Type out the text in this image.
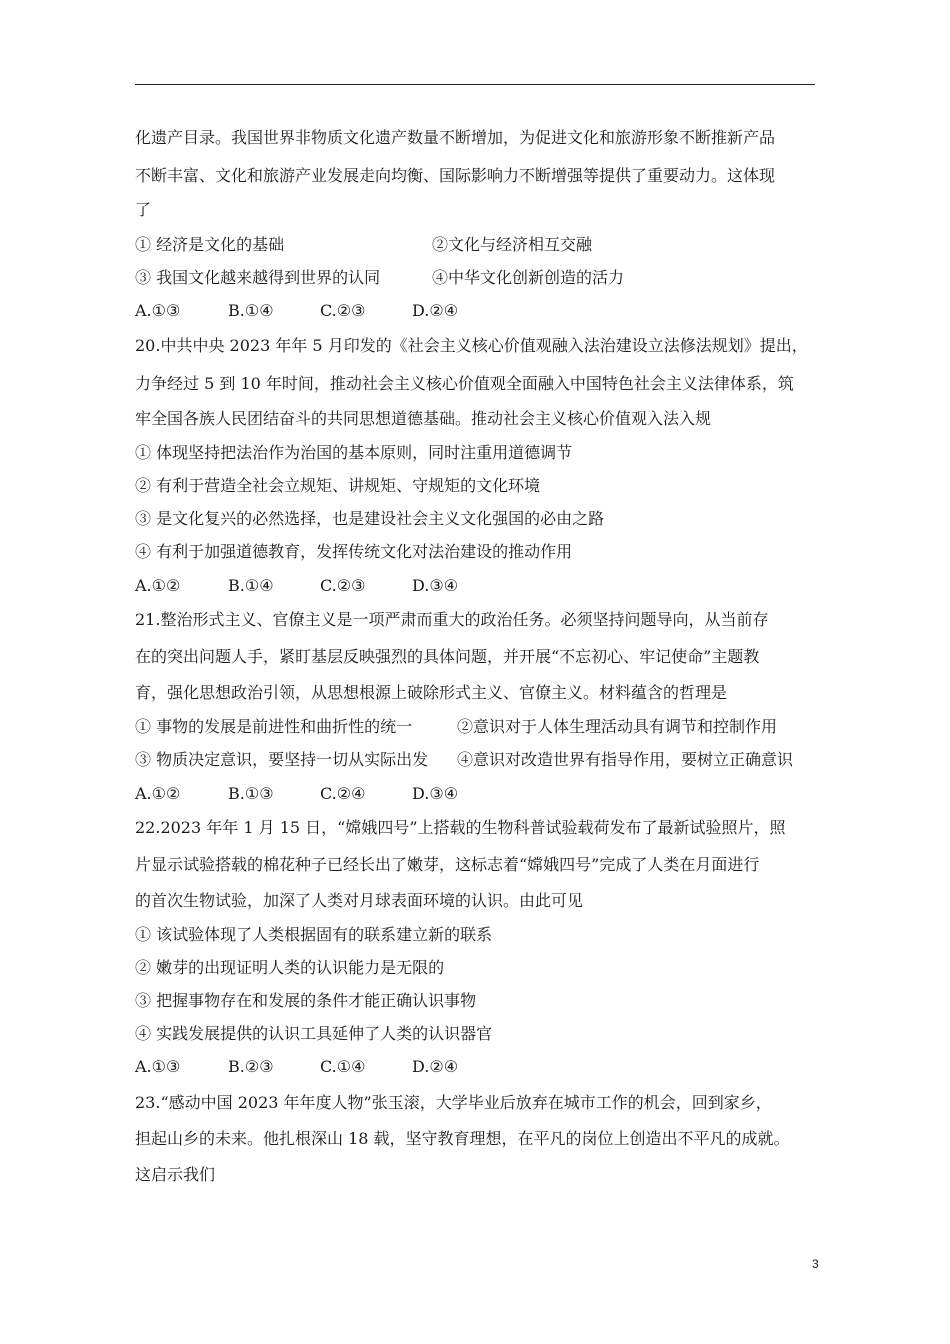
化遗产目录。我国世界非物质文化遗产数量不断增加，为促进文化和旅游形象不断推新产品
不断丰富、文化和旅游产业发展走向均衡、国际影响力不断增强等提供了重要动力。这体现
了
① 经济是文化的基础	②文化与经济相互交融
③ 我国文化越来越得到世界的认同	④中华文化创新创造的活力
A.①③	B.①④	C.②③	D.②④
20.中共中央 2023 年年 5 月印发的《社会主义核心价值观融入法治建设立法修法规划》提出，
力争经过 5 到 10 年时间，推动社会主义核心价值观全面融入中国特色社会主义法律体系，筑
牢全国各族人民团结奋斗的共同思想道德基础。推动社会主义核心价值观入法入规
① 体现坚持把法治作为治国的基本原则，同时注重用道德调节
② 有利于营造全社会立规矩、讲规矩、守规矩的文化环境
③ 是文化复兴的必然选择，也是建设社会主义文化强国的必由之路
④ 有利于加强道德教育，发挥传统文化对法治建设的推动作用
A.①②	B.①④	C.②③	D.③④
21.整治形式主义、官僚主义是一项严肃而重大的政治任务。必须坚持问题导向，从当前存
在的突出问题人手，紧盯基层反映强烈的具体问题，并开展“不忘初心、牢记使命”主题教
育，强化思想政治引领，从思想根源上破除形式主义、官僚主义。材料蕴含的哲理是
① 事物的发展是前进性和曲折性的统一	②意识对于人体生理活动具有调节和控制作用
③ 物质决定意识，要坚持一切从实际出发 ④意识对改造世界有指导作用，要树立正确意识
A.①②	B.①③	C.②④	D.③④
22.2023 年年 1 月 15 日，“嫦娥四号”上搭载的生物科普试验载荷发布了最新试验照片，照
片显示试验搭载的棉花种子已经长出了嫩芽，这标志着“嫦娥四号”完成了人类在月面进行
的首次生物试验，加深了人类对月球表面环境的认识。由此可见
① 该试验体现了人类根据固有的联系建立新的联系
② 嫩芽的出现证明人类的认识能力是无限的
③ 把握事物存在和发展的条件才能正确认识事物
④ 实践发展提供的认识工具延伸了人类的认识器官
A.①③	B.②③	C.①④	D.②④
23.“感动中国 2023 年年度人物”张玉滚，大学毕业后放弃在城市工作的机会，回到家乡，
担起山乡的未来。他扎根深山 18 载，坚守教育理想，在平凡的岗位上创造出不平凡的成就。
这启示我们
3
